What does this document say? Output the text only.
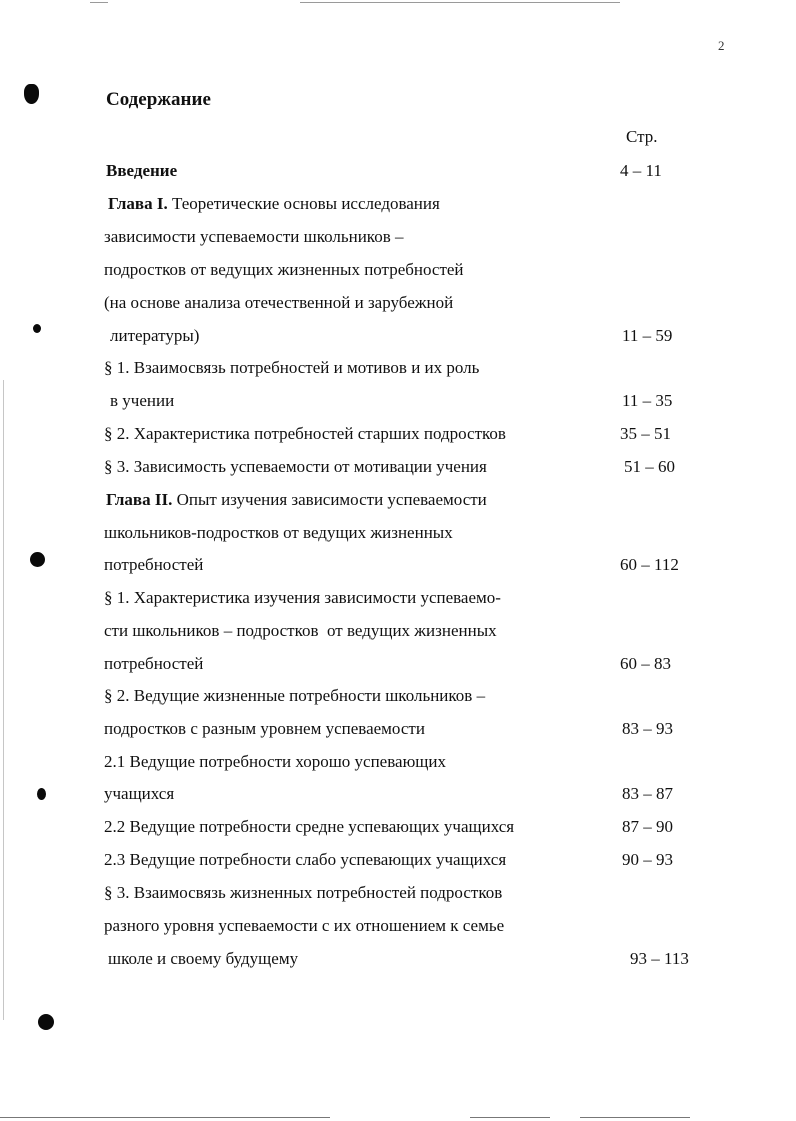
2
Содержание
Стр.
Введение	4 – 11
Глава I. Теоретические основы исследования
зависимости успеваемости школьников –
подростков от ведущих жизненных потребностей
(на основе анализа отечественной и зарубежной
литературы)	11 – 59
§ 1. Взаимосвязь потребностей и мотивов и их роль
в учении	11 – 35
§ 2. Характеристика потребностей старших подростков	35 – 51
§ 3. Зависимость успеваемости от мотивации учения	51 – 60
Глава II. Опыт изучения зависимости успеваемости
школьников-подростков от ведущих жизненных
потребностей	60 – 112
§ 1. Характеристика изучения зависимости успеваемо-
сти школьников – подростков  от ведущих жизненных
потребностей	60 – 83
§ 2. Ведущие жизненные потребности школьников –
подростков с разным уровнем успеваемости	83 – 93
2.1 Ведущие потребности хорошо успевающих
учащихся	83 – 87
2.2 Ведущие потребности средне успевающих учащихся	87 – 90
2.3 Ведущие потребности слабо успевающих учащихся	90 – 93
§ 3. Взаимосвязь жизненных потребностей подростков
разного уровня успеваемости с их отношением к семье
школе и своему будущему	93 – 113
